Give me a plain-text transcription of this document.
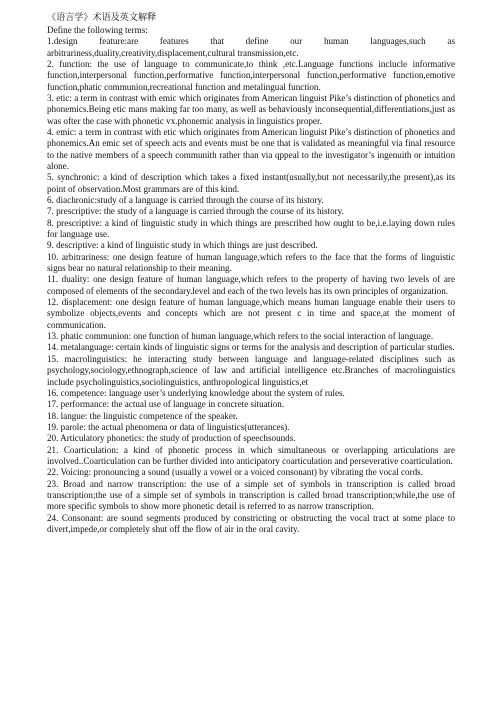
《语言学》术语及英文解释
Define the following terms:

1.design feature:are features that define our human languages,such as arbitrariness,duality,creativity,displacement,cultural transmission,etc.

2. function: the use of language to communicate,to think ,etc.Language functions inclucle informative function,interpersonal function,performative function,interpersonal function,performative function,emotive function,phatic communion,recreational function and metalingual function.

3. etic: a term in contrast with emic which originates from American linguist Pike’s distinction of phonetics and phonemics.Being etic mans making far too many, as well as behaviously inconsequential,differentiations,just as was ofter the case with phonetic vx.phonemic analysis in linguistics proper.

4. emic: a term in contrast with etic which originates from American linguist Pike’s distinction of phonetics and phonemics.An emic set of speech acts and events must be one that is validated as meaningful via final resource to the native members of a speech communith rather than via qppeal to the investigator’s ingenuith or intuition alone.

5. synchronic: a kind of description which takes a fixed instant(usually,but not necessarily,the present),as its point of observation.Most grammars are of this kind.

6. diachronic:study of a language is carried through the course of its history.

7. prescriptive: the study of a language is carried through the course of its history.

8. prescriptive: a kind of linguistic study in which things are prescribed how ought to be,i.e.laying down rules for language use.

9. descriptive: a kind of linguistic study in which things are just described.

10. arbitrariness: one design feature of human language,which refers to the face that the forms of linguistic signs bear no natural relationship to their meaning.

11. duality: one design feature of human language,which refers to the property of having two levels of are composed of elements of the secondary.level and each of the two levels has its own principles of organization.

12. displacement: one design feature of human language,which means human language enable their users to symbolize objects,events and concepts which are not present c in time and space,at the moment of communication.

13. phatic communion: one function of human language,which refers to the social interaction of language.

14. metalanguage: certain kinds of linguistic signs or terms for the analysis and description of particular studies.

15. macrolinguistics: he interacting study between language and language-related disciplines such as psychology,sociology,ethnograph,science of law and artificial intelligence etc.Branches of macrolinguistics include psycholinguistics,sociolinguistics, anthropological linguistics,et

16. competence: language user’s underlying knowledge about the system of rules.

17. performance: the actual use of language in concrete situation.

18. langue: the linguistic competence of the speaker.

19. parole: the actual phenomena or data of linguistics(utterances).

20. Articulatory phonetics: the study of production of speechsounds.

21. Coarticulation: a kind of phonetic process in which simultaneous or overlapping articulations are involved..Coarticulation can be further divided into anticipatory coarticulation and perseverative coarticulation.

22. Voicing: pronouncing a sound (usually a vowel or a voiced consonant) by vibrating the vocal cords.

23. Broad and narrow transcription: the use of a simple set of symbols in transcription is called broad transcription;the use of a simple set of symbols in transcription is called broad transcription;while,the use of more specific symbols to show more phonetic detail is referred to as narrow transcription.

24. Consonant: are sound segments produced by constricting or obstructing the vocal tract at some place to divert,impede,or completely shut off the flow of air in the oral cavity.
